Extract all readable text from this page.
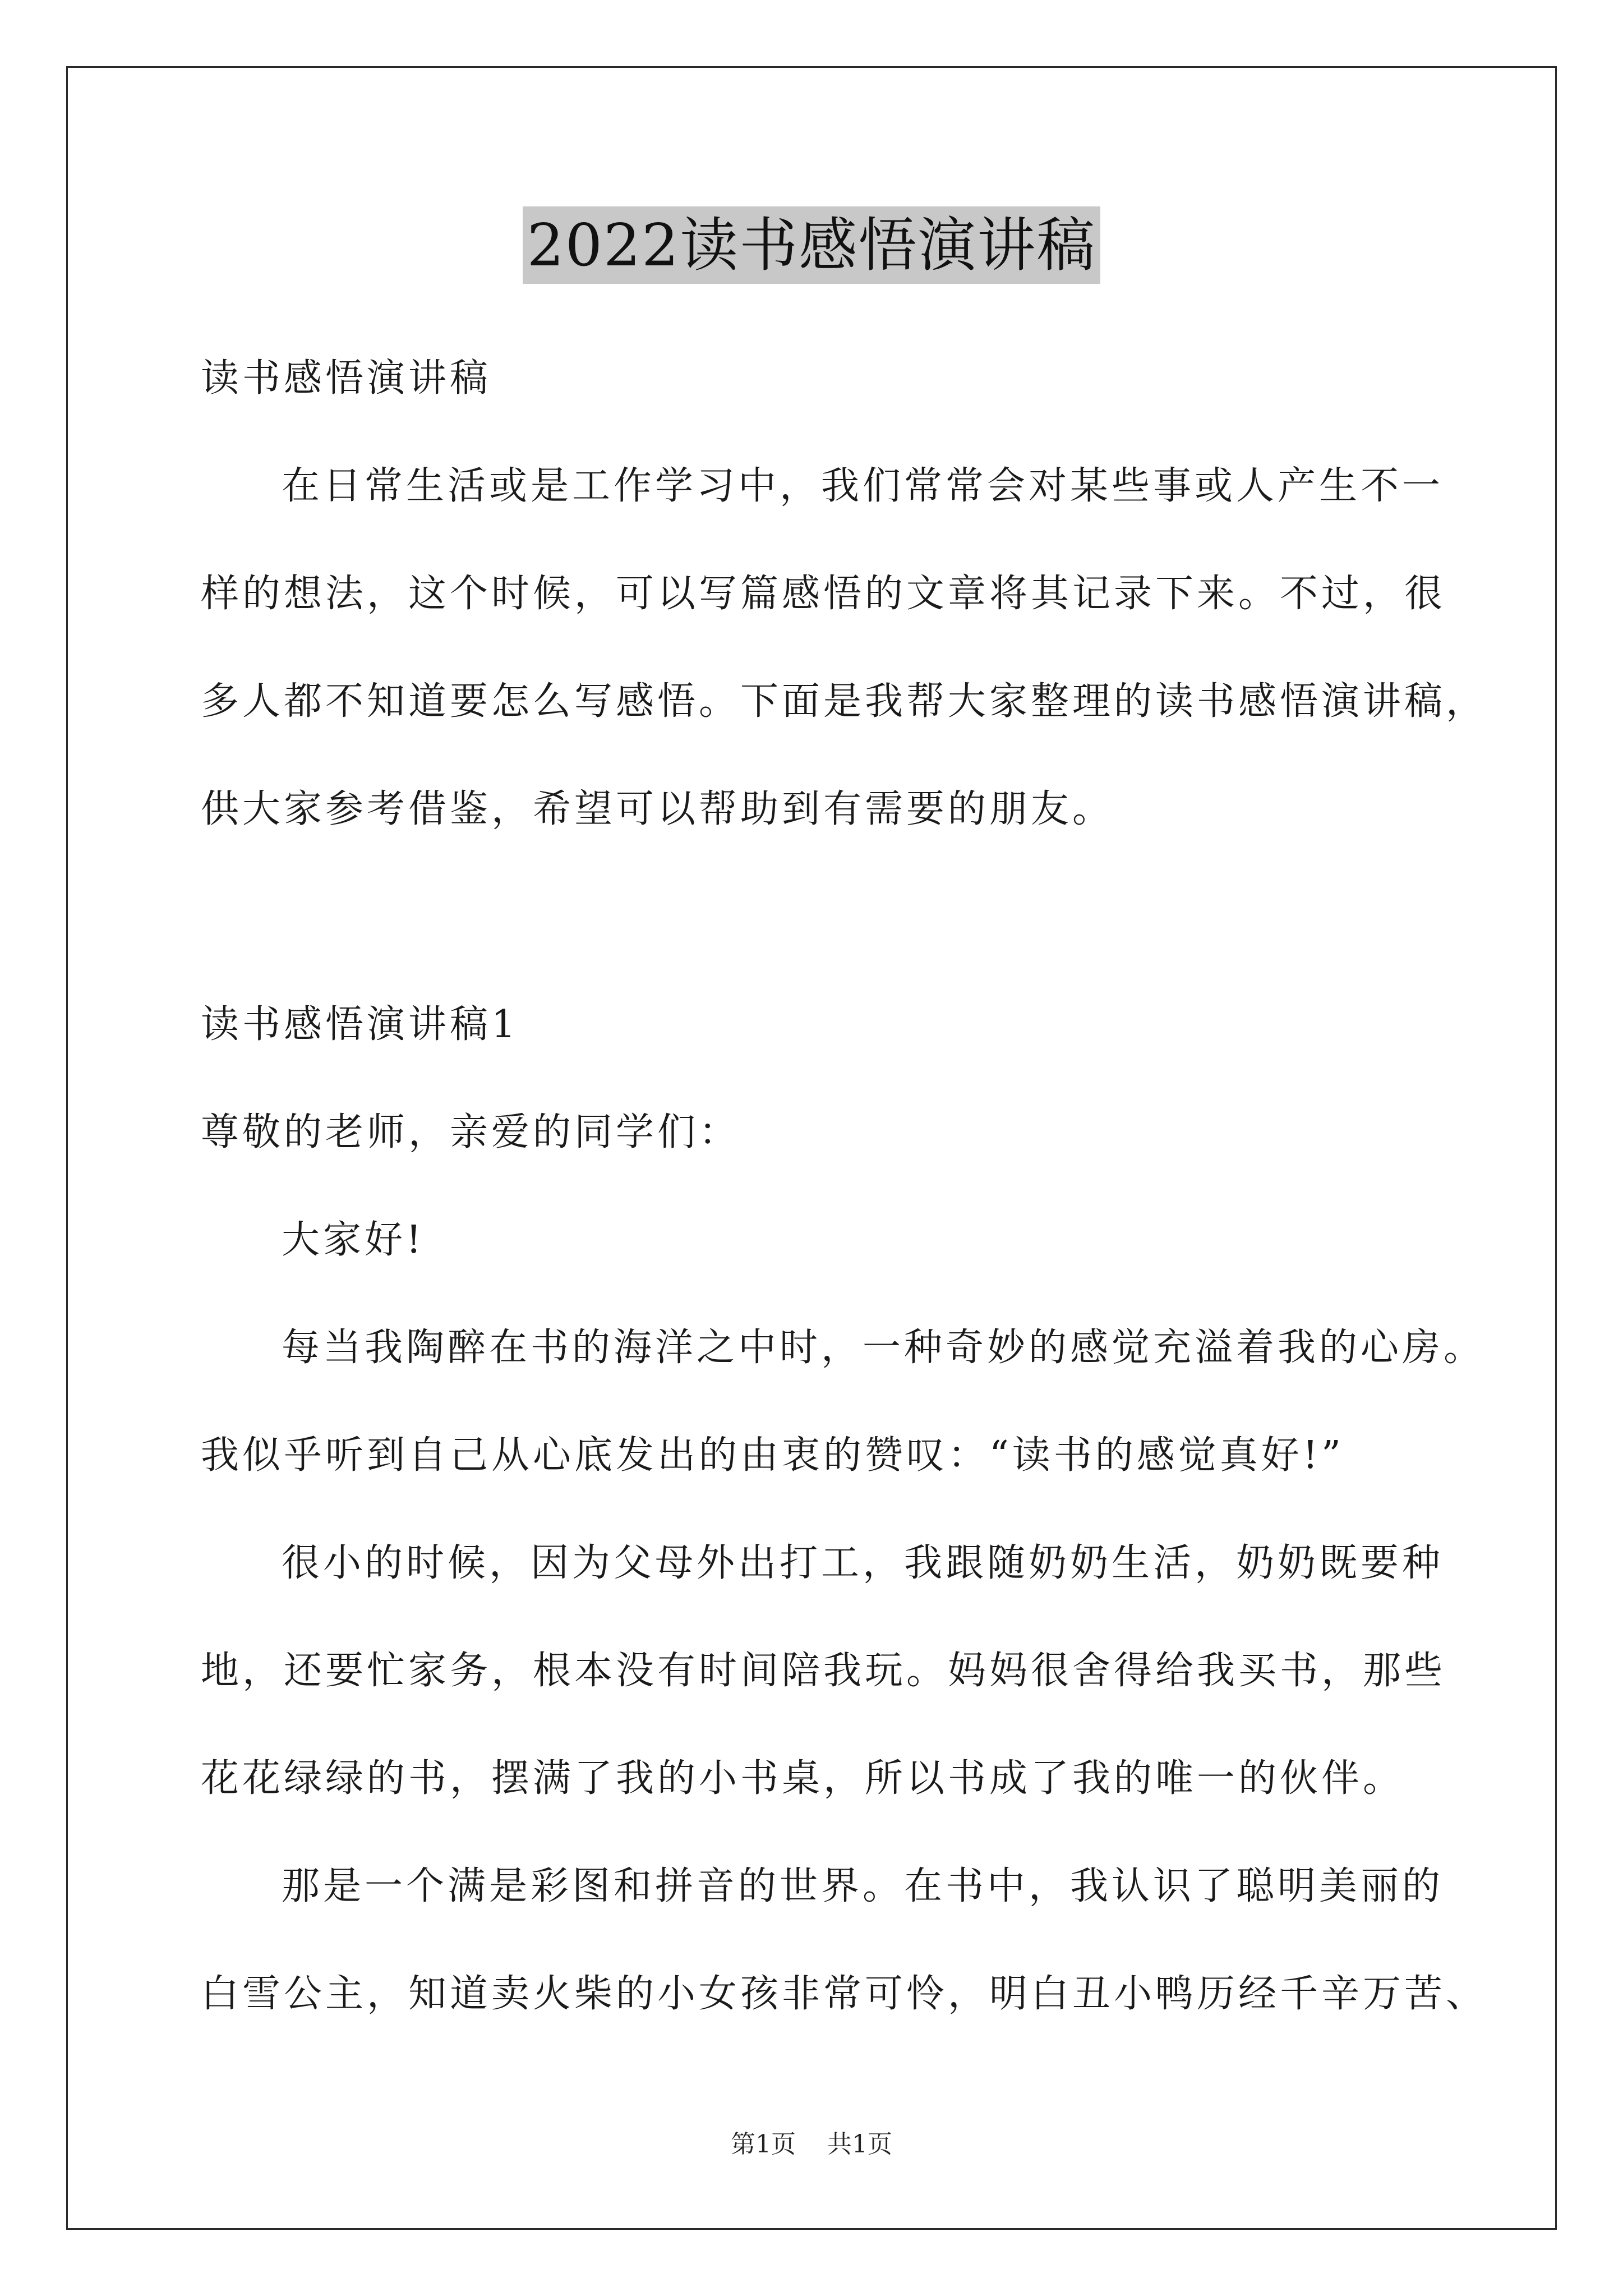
2022读书感悟演讲稿
读书感悟演讲稿
在日常生活或是工作学习中，我们常常会对某些事或人产生不一
样的想法，这个时候，可以写篇感悟的文章将其记录下来。不过，很
多人都不知道要怎么写感悟。下面是我帮大家整理的读书感悟演讲稿，
供大家参考借鉴，希望可以帮助到有需要的朋友。
读书感悟演讲稿1
尊敬的老师，亲爱的同学们：
大家好!
每当我陶醉在书的海洋之中时，一种奇妙的感觉充溢着我的心房。
我似乎听到自己从心底发出的由衷的赞叹：“读书的感觉真好!”
很小的时候，因为父母外出打工，我跟随奶奶生活，奶奶既要种
地，还要忙家务，根本没有时间陪我玩。妈妈很舍得给我买书，那些
花花绿绿的书，摆满了我的小书桌，所以书成了我的唯一的伙伴。
那是一个满是彩图和拼音的世界。在书中，我认识了聪明美丽的
白雪公主，知道卖火柴的小女孩非常可怜，明白丑小鸭历经千辛万苦、
第1页 共1页
